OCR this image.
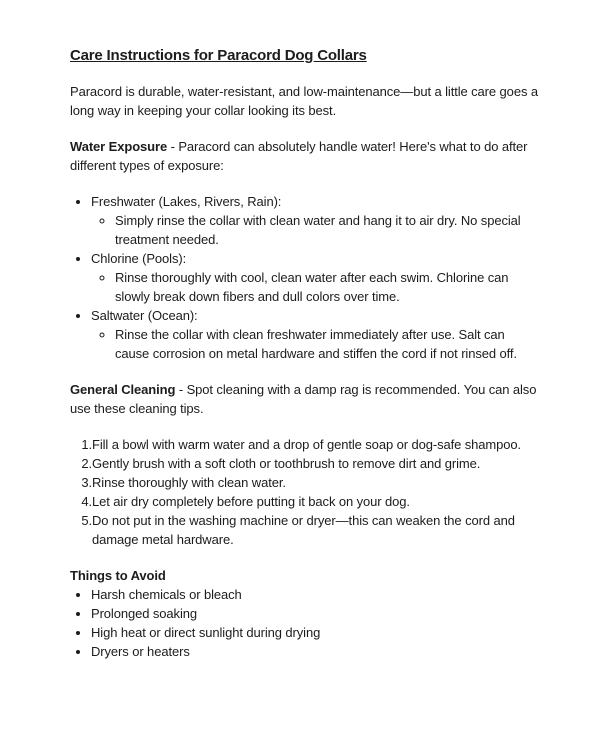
Care Instructions for Paracord Dog Collars

Paracord is durable, water-resistant, and low-maintenance—but a little care goes a long way in keeping your collar looking its best.

Water Exposure - Paracord can absolutely handle water! Here's what to do after different types of exposure:

• Freshwater (Lakes, Rivers, Rain):
◦ Simply rinse the collar with clean water and hang it to air dry. No special treatment needed.
• Chlorine (Pools):
◦ Rinse thoroughly with cool, clean water after each swim. Chlorine can slowly break down fibers and dull colors over time.
• Saltwater (Ocean):
◦ Rinse the collar with clean freshwater immediately after use. Salt can cause corrosion on metal hardware and stiffen the cord if not rinsed off.

General Cleaning - Spot cleaning with a damp rag is recommended. You can also use these cleaning tips.

1. Fill a bowl with warm water and a drop of gentle soap or dog-safe shampoo.
2. Gently brush with a soft cloth or toothbrush to remove dirt and grime.
3. Rinse thoroughly with clean water.
4. Let air dry completely before putting it back on your dog.
5. Do not put in the washing machine or dryer—this can weaken the cord and damage metal hardware.

Things to Avoid

• Harsh chemicals or bleach
• Prolonged soaking
• High heat or direct sunlight during drying
• Dryers or heaters
